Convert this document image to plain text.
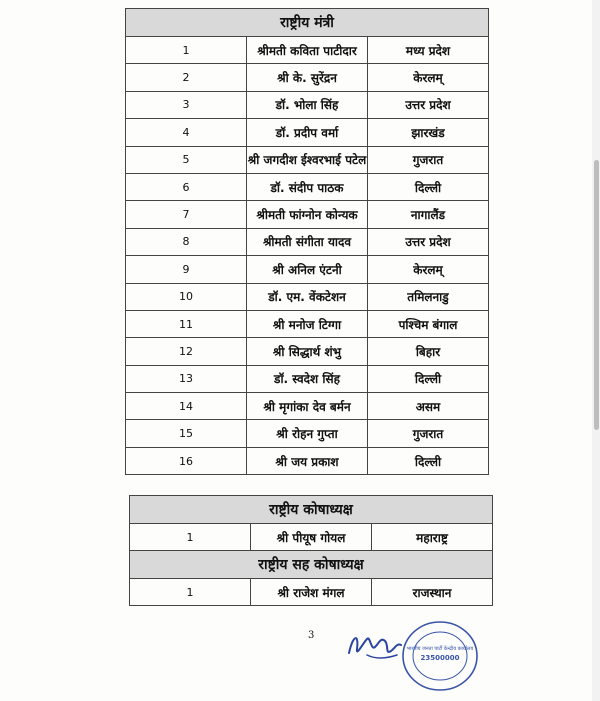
राष्ट्रीय मंत्री		
1	श्रीमती कविता पाटीदार	मध्य प्रदेश
2	श्री के. सुरेंद्रन	केरलम्
3	डॉ. भोला सिंह	उत्तर प्रदेश
4	डॉ. प्रदीप वर्मा	झारखंड
5	श्री जगदीश ईश्वरभाई पटेल	गुजरात
6	डॉ. संदीप पाठक	दिल्ली
7	श्रीमती फांग्नोन कोन्यक	नागालैंड
8	श्रीमती संगीता यादव	उत्तर प्रदेश
9	श्री अनिल एंटनी	केरलम्
10	डॉ. एम. वेंकटेशन	तमिलनाडु
11	श्री मनोज टिग्गा	पश्चिम बंगाल
12	श्री सिद्धार्थ शंभु	बिहार
13	डॉ. स्वदेश सिंह	दिल्ली
14	श्री मृगांका देव बर्मन	असम
15	श्री रोहन गुप्ता	गुजरात
16	श्री जय प्रकाश	दिल्ली
राष्ट्रीय कोषाध्यक्ष		
1	श्री पीयूष गोयल	महाराष्ट्र
राष्ट्रीय सह कोषाध्यक्ष		
1	श्री राजेश मंगल	राजस्थान
3
23500000
भारतीय जनता पार्टी केन्द्रीय कार्यालय
